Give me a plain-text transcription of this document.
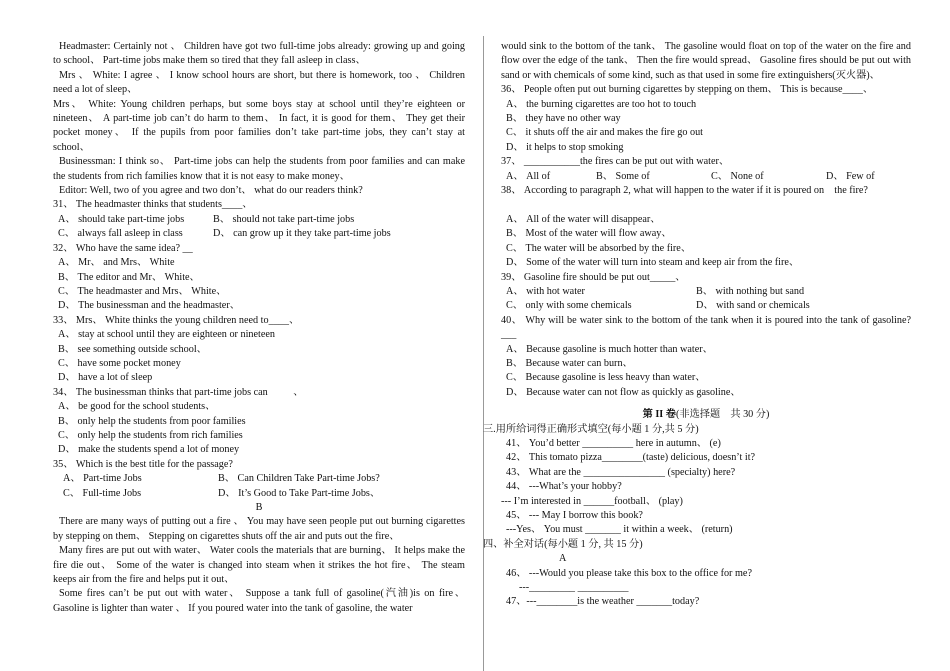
Headmaster: Certainly not 、 Children have got two full-time jobs already: growing up and going to school、 Part-time jobs make them so tired that they fall asleep in class、

Mrs 、 White: I agree 、 I know school hours are short, but there is homework, too 、 Children need a lot of sleep、

Mrs、 White: Young children perhaps, but some boys stay at school until they’re eighteen or nineteen、 A part-time job can’t do harm to them、 In fact, it is good for them、 They get their pocket money、 If the pupils from poor families don’t take part-time jobs, they can’t stay at school、

Businessman: I think so、 Part-time jobs can help the students from poor families and can make the students from rich families know that it is not easy to make money、

Editor: Well, two of you agree and two don’t、 what do our readers think?

31、 The headmaster thinks that students____、

A、 should take part-time jobs	B、 should not take part-time jobs
C、 always fall asleep in class	D、 can grow up it they take part-time jobs

32、 Who have the same idea? __

A、 Mr、 and Mrs、 White

B、 The editor and Mr、 White、

C、 The headmaster and Mrs、 White、

D、 The businessman and the headmaster、

33、 Mrs、 White thinks the young children need to____、

A、 stay at school until they are eighteen or nineteen

B、 see something outside school、

C、 have some pocket money

D、 have a lot of sleep

34、 The businessman thinks that part-time jobs can          、

A、 be good for the school students、

B、 only help the students from poor families

C、 only help the students from rich families

D、 make the students spend a lot of money

35、 Which is the best title for the passage?

A、 Part-time Jobs	B、 Can Children Take Part-time Jobs?
C、 Full-time Jobs	D、 It’s Good to Take Part-time Jobs、

B

There are many ways of putting out a fire 、 You may have seen people put out burning cigarettes by stepping on them、 Stepping on cigarettes shuts off the air and puts out the fire、

Many fires are put out with water、 Water cools the materials that are burning、 It helps make the fire die out、 Some of the water is changed into steam when it strikes the hot fire、 The steam keeps air from the fire and helps put it out、

Some fires can’t be put out with water、 Suppose a tank full of gasoline(汽油)is on fire、 Gasoline is lighter than water 、 If you poured water into the tank of gasoline, the water

would sink to the bottom of the tank、 The gasoline would float on top of the water on the fire and flow over the edge of the tank、 Then the fire would spread、 Gasoline fires should be put out with sand or with chemicals of some kind, such as that used in some fire extinguishers(灭火器)、

36、 People often put out burning cigarettes by stepping on them、 This is because____、

A、 the burning cigarettes are too hot to touch

B、 they have no other way

C、 it shuts off the air and makes the fire go out

D、 it helps to stop smoking

37、 ___________the fires can be put out with water、

A、 All of	B、 Some of	C、 None of	D、 Few of

38、 According to paragraph 2, what will happen to the water if it is poured on    the fire?

A、 All of the water will disappear、

B、 Most of the water will flow away、

C、 The water will be absorbed by the fire、

D、 Some of the water will turn into steam and keep air from the fire、

39、 Gasoline fire should be put out_____、

A、 with hot water	B、 with nothing but sand
C、 only with some chemicals	D、 with sand or chemicals

40、 Why will be water sink to the bottom of the tank when it is poured into the tank of gasoline? ___

A、 Because gasoline is much hotter than water、

B、 Because water can burn、

C、 Because gasoline is less heavy than water、

D、 Because water can not flow as quickly as gasoline、

第 II 卷(非选择题    共 30 分)

三.用所给词得正确形式填空(每小题 1 分,共 5 分)

41、 You’d better __________ here in autumn、 (e)

42、 This tomato pizza________(taste) delicious, doesn’t it?

43、 What are the ________________ (specialty) here?

44、 ---What’s your hobby?

--- I’m interested in ______football、 (play)

45、 --- May I borrow this book?

---Yes、 You must _______ it within a week、 (return)

四、补全对话(每小题 1 分, 共 15 分)

A

46、 ---Would you please take this box to the office for me?

---_________ __________

47、---________is the weather _______today?
